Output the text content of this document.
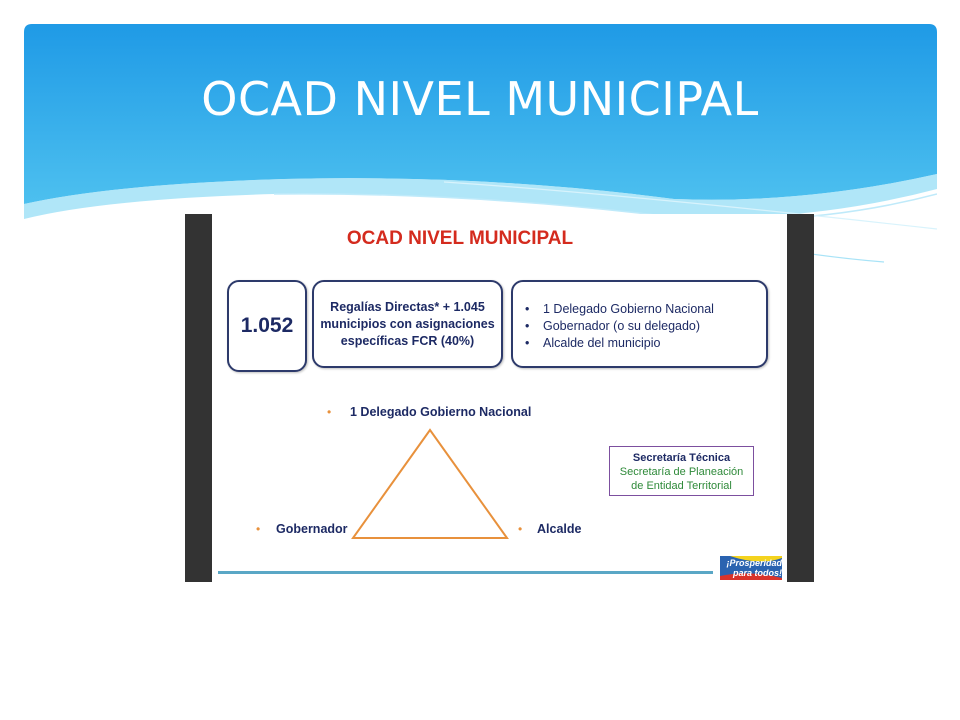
OCAD NIVEL MUNICIPAL
OCAD NIVEL MUNICIPAL
1.052
Regalías Directas* + 1.045
municipios con asignaciones
específicas FCR (40%)
• 1 Delegado Gobierno Nacional
• Gobernador (o su delegado)
• Alcalde del municipio
• 1 Delegado Gobierno Nacional
• Gobernador	• Alcalde
Secretaría Técnica
Secretaría de Planeación
de Entidad Territorial
¡Prosperidad
para todos!
